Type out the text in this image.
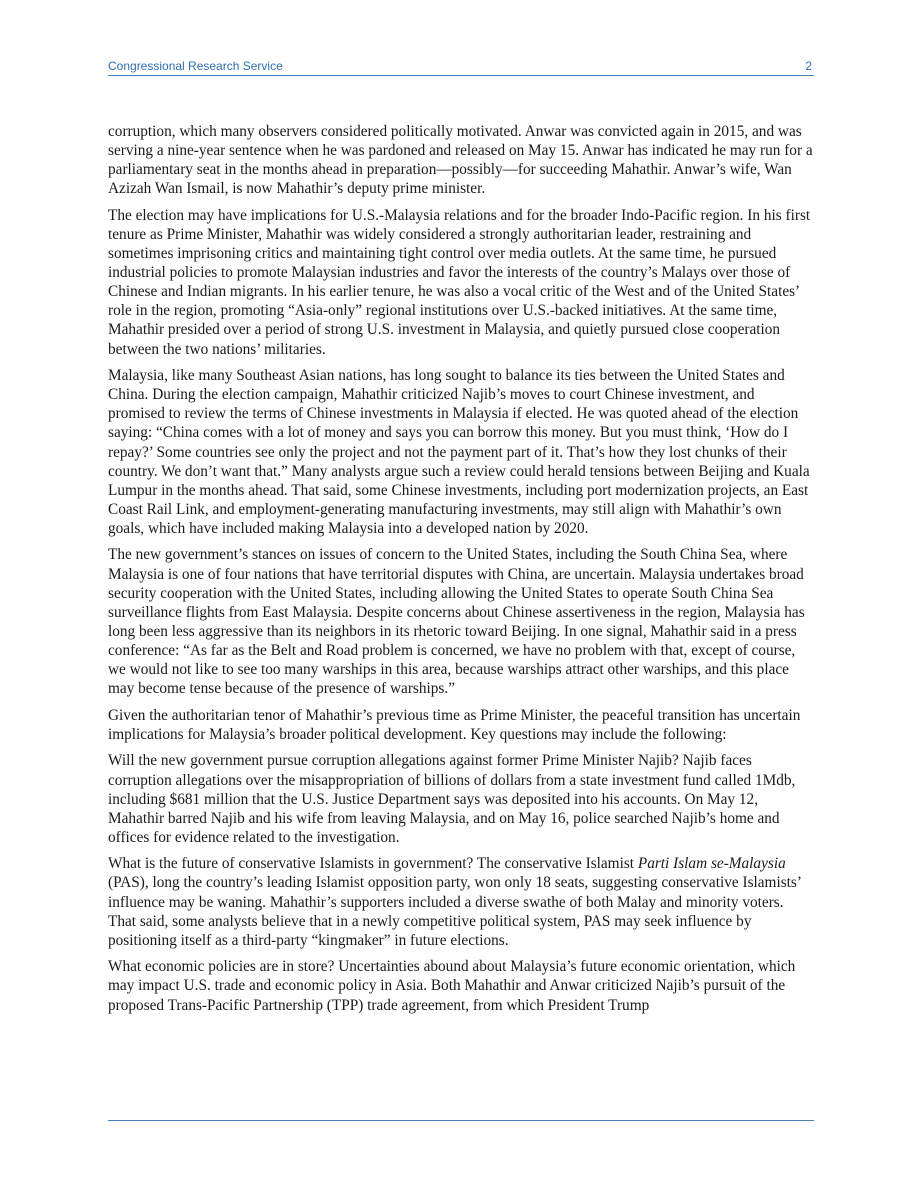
Congressional Research Service	2

corruption, which many observers considered politically motivated. Anwar was convicted again in 2015, and was serving a nine-year sentence when he was pardoned and released on May 15. Anwar has indicated he may run for a parliamentary seat in the months ahead in preparation—possibly—for succeeding Mahathir. Anwar’s wife, Wan Azizah Wan Ismail, is now Mahathir’s deputy prime minister.

The election may have implications for U.S.-Malaysia relations and for the broader Indo-Pacific region. In his first tenure as Prime Minister, Mahathir was widely considered a strongly authoritarian leader, restraining and sometimes imprisoning critics and maintaining tight control over media outlets. At the same time, he pursued industrial policies to promote Malaysian industries and favor the interests of the country’s Malays over those of Chinese and Indian migrants. In his earlier tenure, he was also a vocal critic of the West and of the United States’ role in the region, promoting “Asia-only” regional institutions over U.S.-backed initiatives. At the same time, Mahathir presided over a period of strong U.S. investment in Malaysia, and quietly pursued close cooperation between the two nations’ militaries.

Malaysia, like many Southeast Asian nations, has long sought to balance its ties between the United States and China. During the election campaign, Mahathir criticized Najib’s moves to court Chinese investment, and promised to review the terms of Chinese investments in Malaysia if elected. He was quoted ahead of the election saying: “China comes with a lot of money and says you can borrow this money. But you must think, ‘How do I repay?’ Some countries see only the project and not the payment part of it. That’s how they lost chunks of their country. We don’t want that.” Many analysts argue such a review could herald tensions between Beijing and Kuala Lumpur in the months ahead. That said, some Chinese investments, including port modernization projects, an East Coast Rail Link, and employment-generating manufacturing investments, may still align with Mahathir’s own goals, which have included making Malaysia into a developed nation by 2020.

The new government’s stances on issues of concern to the United States, including the South China Sea, where Malaysia is one of four nations that have territorial disputes with China, are uncertain. Malaysia undertakes broad security cooperation with the United States, including allowing the United States to operate South China Sea surveillance flights from East Malaysia. Despite concerns about Chinese assertiveness in the region, Malaysia has long been less aggressive than its neighbors in its rhetoric toward Beijing. In one signal, Mahathir said in a press conference: “As far as the Belt and Road problem is concerned, we have no problem with that, except of course, we would not like to see too many warships in this area, because warships attract other warships, and this place may become tense because of the presence of warships.”

Given the authoritarian tenor of Mahathir’s previous time as Prime Minister, the peaceful transition has uncertain implications for Malaysia’s broader political development. Key questions may include the following:

Will the new government pursue corruption allegations against former Prime Minister Najib? Najib faces corruption allegations over the misappropriation of billions of dollars from a state investment fund called 1Mdb, including $681 million that the U.S. Justice Department says was deposited into his accounts. On May 12, Mahathir barred Najib and his wife from leaving Malaysia, and on May 16, police searched Najib’s home and offices for evidence related to the investigation.

What is the future of conservative Islamists in government? The conservative Islamist Parti Islam se-Malaysia (PAS), long the country’s leading Islamist opposition party, won only 18 seats, suggesting conservative Islamists’ influence may be waning. Mahathir’s supporters included a diverse swathe of both Malay and minority voters. That said, some analysts believe that in a newly competitive political system, PAS may seek influence by positioning itself as a third-party “kingmaker” in future elections.

What economic policies are in store? Uncertainties abound about Malaysia’s future economic orientation, which may impact U.S. trade and economic policy in Asia. Both Mahathir and Anwar criticized Najib’s pursuit of the proposed Trans-Pacific Partnership (TPP) trade agreement, from which President Trump
